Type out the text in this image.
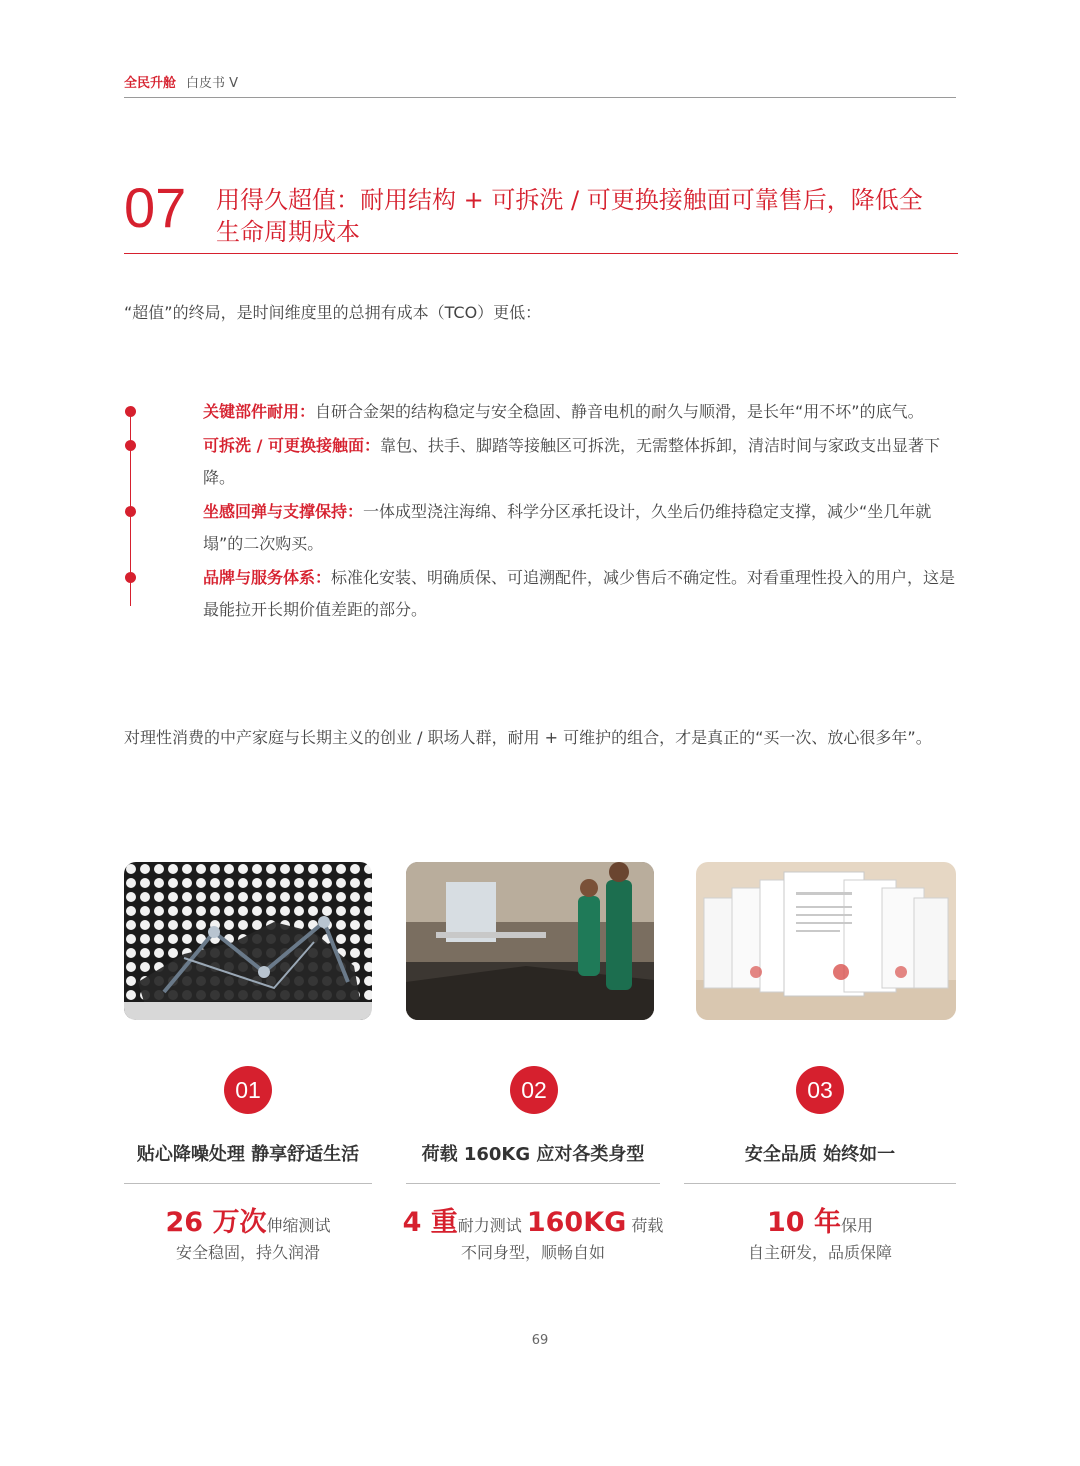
全民升舱 白皮书 V
07 用得久超值：耐用结构 + 可拆洗 / 可更换接触面可靠售后，降低全生命周期成本
“超值”的终局，是时间维度里的总拥有成本（TCO）更低：
关键部件耐用：自研合金架的结构稳定与安全稳固、静音电机的耐久与顺滑，是长年“用不坏”的底气。
可拆洗 / 可更换接触面：靠包、扶手、脚踏等接触区可拆洗，无需整体拆卸，清洁时间与家政支出显著下降。
坐感回弹与支撑保持：一体成型浇注海绵、科学分区承托设计，久坐后仍维持稳定支撑，减少“坐几年就塌”的二次购买。
品牌与服务体系：标准化安装、明确质保、可追溯配件，减少售后不确定性。对看重理性投入的用户，这是最能拉开长期价值差距的部分。
对理性消费的中产家庭与长期主义的创业 / 职场人群，耐用 + 可维护的组合，才是真正的“买一次、放心很多年”。
01	02	03
贴心降噪处理 静享舒适生活	荷载 160KG 应对各类身型	安全品质 始终如一
26 万次伸缩测试	4 重耐力测试 160KG 荷载	10 年保用
安全稳固，持久润滑	不同身型，顺畅自如	自主研发，品质保障
69
